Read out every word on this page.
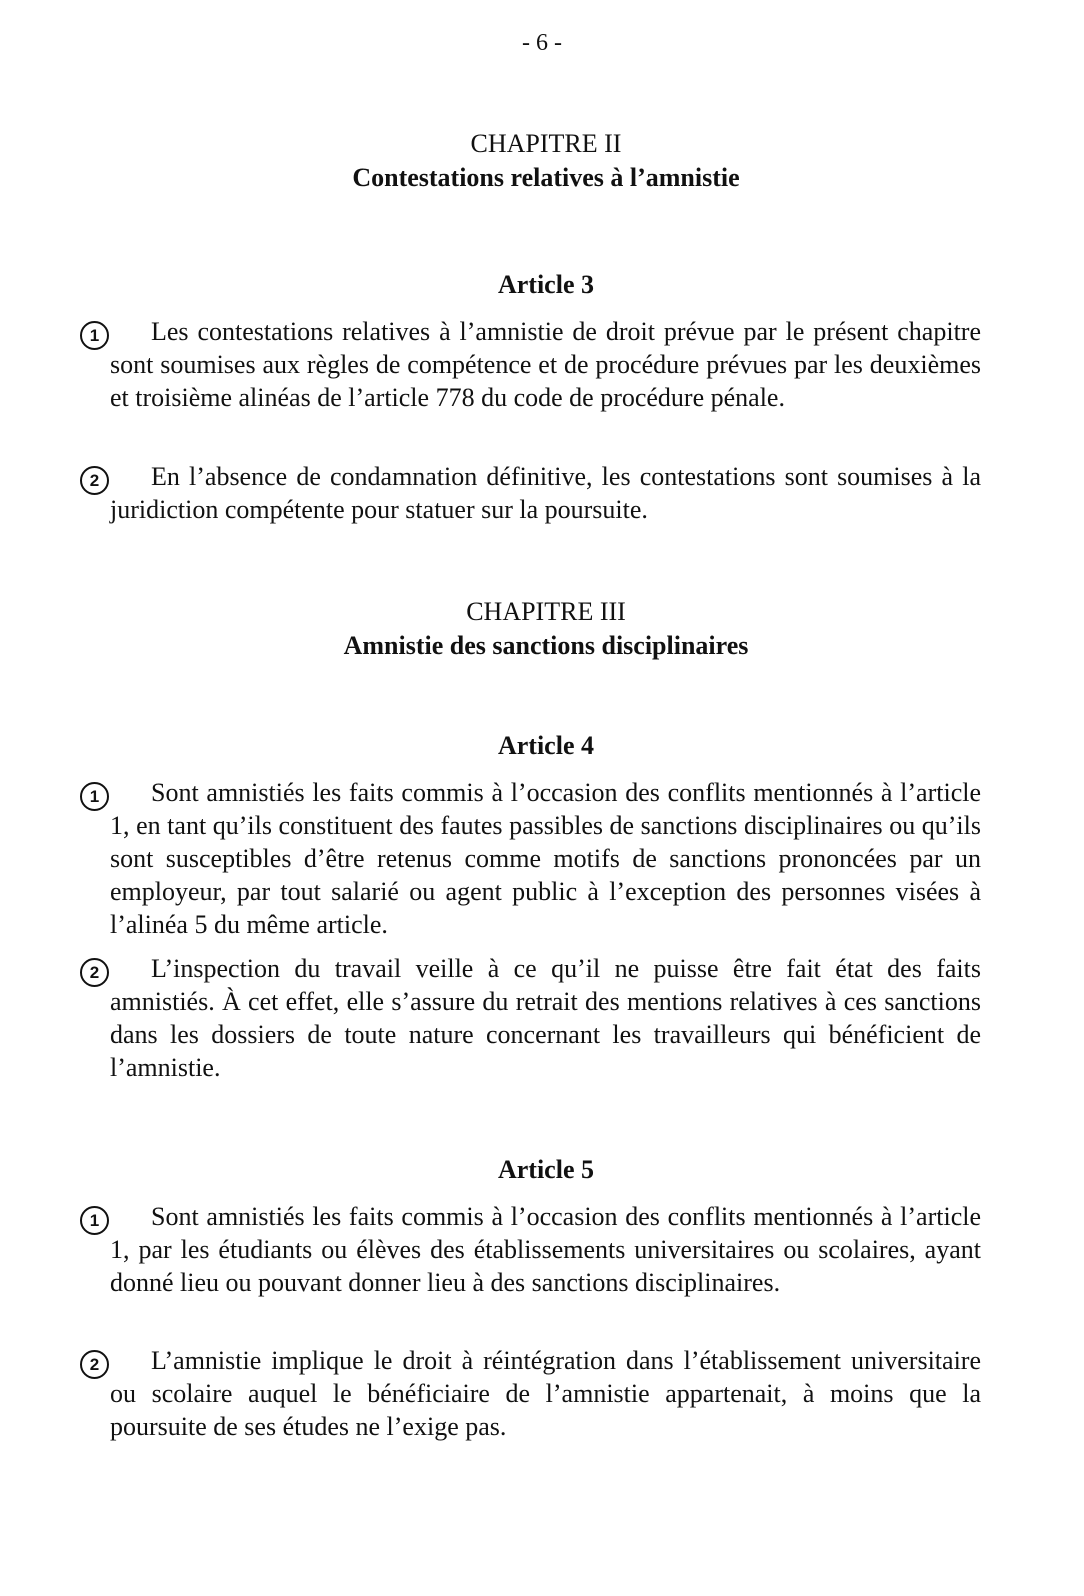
- 6 -
CHAPITRE II
Contestations relatives à l’amnistie
Article 3
1	Les contestations relatives à l’amnistie de droit prévue par le présent chapitre sont soumises aux règles de compétence et de procédure prévues par les deuxièmes et troisième alinéas de l’article 778 du code de procédure pénale.

2	En l’absence de condamnation définitive, les contestations sont soumises à la juridiction compétente pour statuer sur la poursuite.

CHAPITRE III
Amnistie des sanctions disciplinaires
Article 4
1	Sont amnistiés les faits commis à l’occasion des conflits mentionnés à l’article 1, en tant qu’ils constituent des fautes passibles de sanctions disciplinaires ou qu’ils sont susceptibles d’être retenus comme motifs de sanctions prononcées par un employeur, par tout salarié ou agent public à l’exception des personnes visées à l’alinéa 5 du même article.

2	L’inspection du travail veille à ce qu’il ne puisse être fait état des faits amnistiés. À cet effet, elle s’assure du retrait des mentions relatives à ces sanctions dans les dossiers de toute nature concernant les travailleurs qui bénéficient de l’amnistie.

Article 5
1	Sont amnistiés les faits commis à l’occasion des conflits mentionnés à l’article 1, par les étudiants ou élèves des établissements universitaires ou scolaires, ayant donné lieu ou pouvant donner lieu à des sanctions disciplinaires.

2	L’amnistie implique le droit à réintégration dans l’établissement universitaire ou scolaire auquel le bénéficiaire de l’amnistie appartenait, à moins que la poursuite de ses études ne l’exige pas.
